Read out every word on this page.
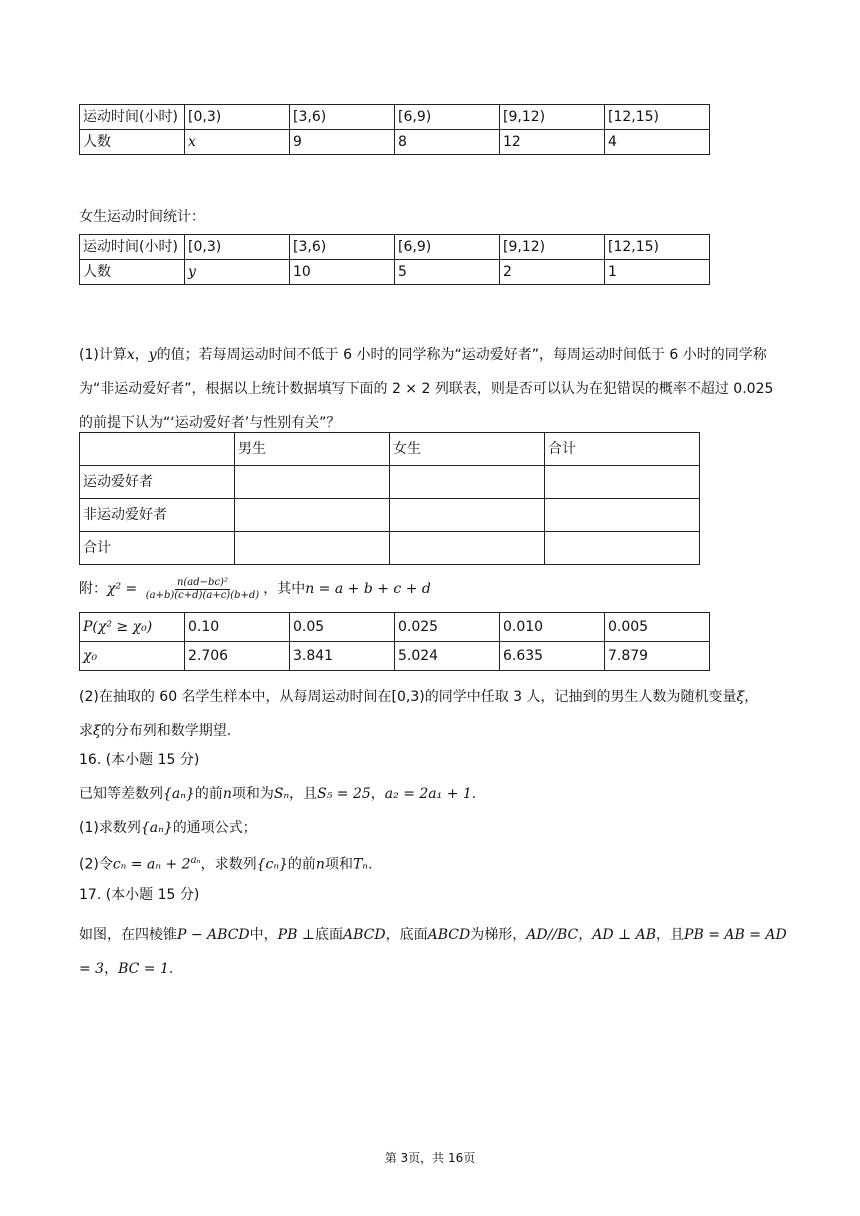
运动时间(小时)	[0,3)	[3,6)	[6,9)	[9,12)	[12,15)
人数	x	9	8	12	4
女生运动时间统计：
运动时间(小时)	[0,3)	[3,6)	[6,9)	[9,12)	[12,15)
人数	y	10	5	2	1
(1)计算x，y的值；若每周运动时间不低于 6 小时的同学称为“运动爱好者”，每周运动时间低于 6 小时的同学称为“非运动爱好者”，根据以上统计数据填写下面的 2 × 2 列联表，则是否可以认为在犯错误的概率不超过 0.025 的前提下认为“‘运动爱好者’与性别有关”？
	男生	女生	合计
运动爱好者			
非运动爱好者			
合计			
附：$\chi^2 = \frac{\text{n(ad−bc)²}}{(a+b)(c+d)(a+c)(b+d)}$ ，其中n = a + b + c + d
P(χ² ≥ χ₀)	0.10	0.05	0.025	0.010	0.005
χ₀	2.706	3.841	5.024	6.635	7.879
(2)在抽取的 60 名学生样本中，从每周运动时间在[0,3)的同学中任取 3 人，记抽到的男生人数为随机变量ξ，
求ξ的分布列和数学期望.
16. (本小题 15 分)
已知等差数列{aₙ}的前n项和为Sₙ，且S₅ = 25，a₂ = 2a₁ + 1.
(1)求数列{aₙ}的通项公式；
(2)令$c_n = a_n + 2^{a_n}$，求数列{cₙ}的前n项和Tₙ.
17. (本小题 15 分)
如图，在四棱锥P − ABCD中，PB ⊥底面ABCD，底面ABCD为梯形，AD//BC，AD ⊥ AB，且PB = AB = AD = 3，BC = 1.
第 3页，共 16页
